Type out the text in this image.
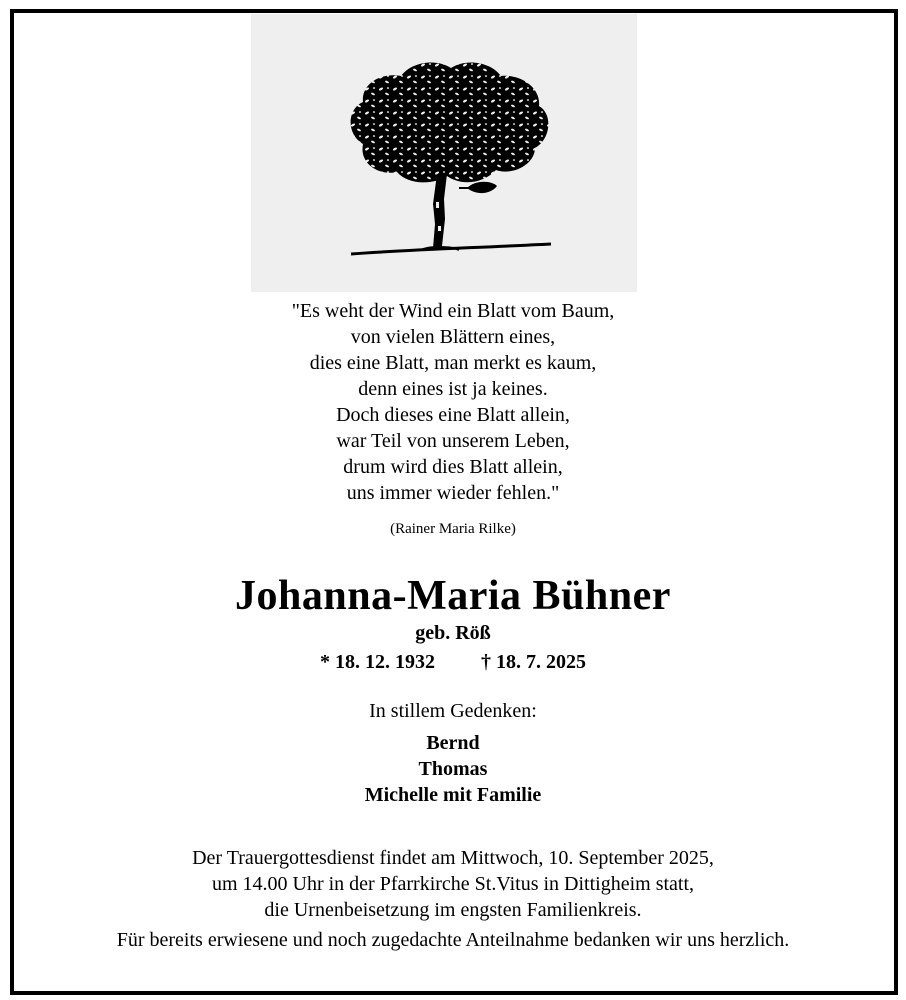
"Es weht der Wind ein Blatt vom Baum,
von vielen Blättern eines,
dies eine Blatt, man merkt es kaum,
denn eines ist ja keines.
Doch dieses eine Blatt allein,
war Teil von unserem Leben,
drum wird dies Blatt allein,
uns immer wieder fehlen."
(Rainer Maria Rilke)
Johanna-Maria Bühner
geb. Röß
* 18. 12. 1932 † 18. 7. 2025
In stillem Gedenken:
Bernd
Thomas
Michelle mit Familie
Der Trauergottesdienst findet am Mittwoch, 10. September 2025,
um 14.00 Uhr in der Pfarrkirche St.Vitus in Dittigheim statt,
die Urnenbeisetzung im engsten Familienkreis.
Für bereits erwiesene und noch zugedachte Anteilnahme bedanken wir uns herzlich.
